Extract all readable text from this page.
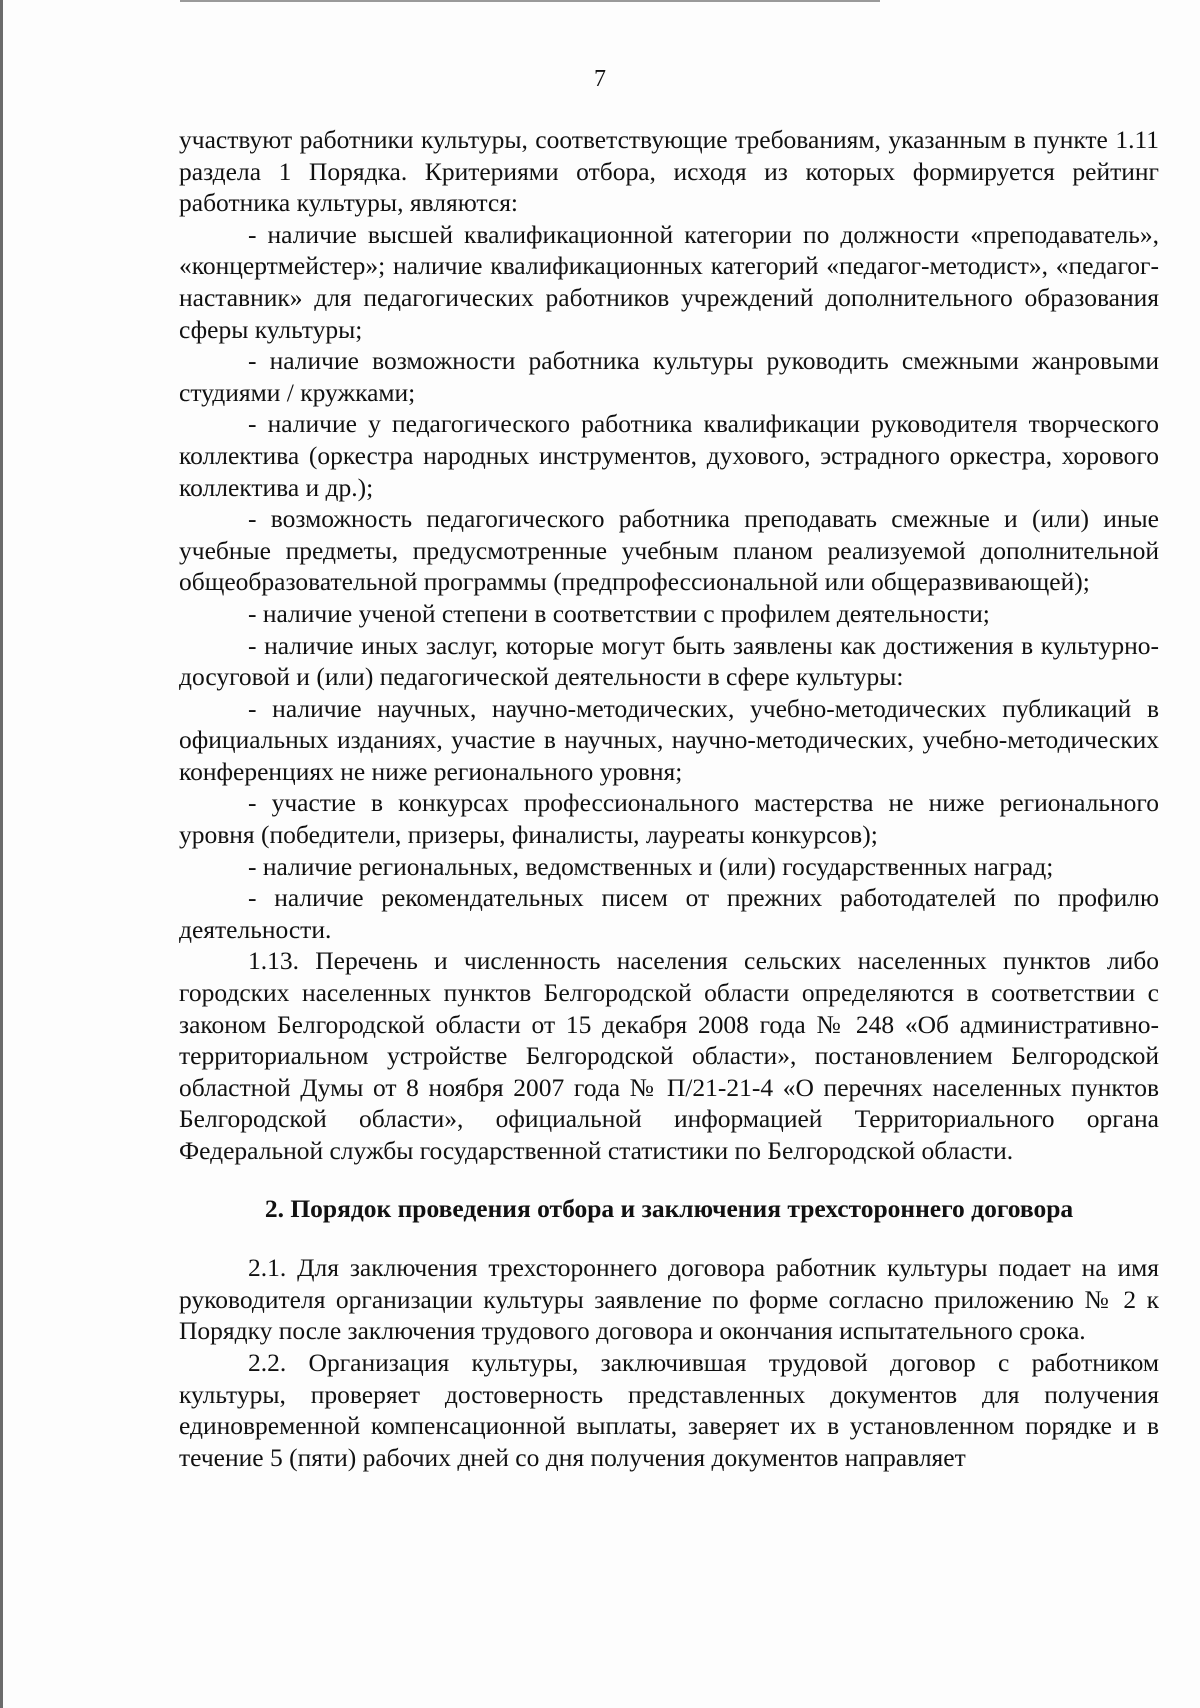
7

участвуют работники культуры, соответствующие требованиям, указанным в пункте 1.11 раздела 1 Порядка. Критериями отбора, исходя из которых формируется рейтинг работника культуры, являются:

- наличие высшей квалификационной категории по должности «преподаватель», «концертмейстер»; наличие квалификационных категорий «педагог-методист», «педагог-наставник» для педагогических работников учреждений дополнительного образования сферы культуры;

- наличие возможности работника культуры руководить смежными жанровыми студиями / кружками;

- наличие у педагогического работника квалификации руководителя творческого коллектива (оркестра народных инструментов, духового, эстрадного оркестра, хорового коллектива и др.);

- возможность педагогического работника преподавать смежные и (или) иные учебные предметы, предусмотренные учебным планом реализуемой дополнительной общеобразовательной программы (предпрофессиональной или общеразвивающей);

- наличие ученой степени в соответствии с профилем деятельности;

- наличие иных заслуг, которые могут быть заявлены как достижения в культурно-досуговой и (или) педагогической деятельности в сфере культуры:

- наличие научных, научно-методических, учебно-методических публикаций в официальных изданиях, участие в научных, научно-методических, учебно-методических конференциях не ниже регионального уровня;

- участие в конкурсах профессионального мастерства не ниже регионального уровня (победители, призеры, финалисты, лауреаты конкурсов);

- наличие региональных, ведомственных и (или) государственных наград;

- наличие рекомендательных писем от прежних работодателей по профилю деятельности.

1.13. Перечень и численность населения сельских населенных пунктов либо городских населенных пунктов Белгородской области определяются в соответствии с законом Белгородской области от 15 декабря 2008 года № 248 «Об административно-территориальном устройстве Белгородской области», постановлением Белгородской областной Думы от 8 ноября 2007 года № П/21-21-4 «О перечнях населенных пунктов Белгородской области», официальной информацией Территориального органа Федеральной службы государственной статистики по Белгородской области.

2. Порядок проведения отбора и заключения трехстороннего договора

2.1. Для заключения трехстороннего договора работник культуры подает на имя руководителя организации культуры заявление по форме согласно приложению № 2 к Порядку после заключения трудового договора и окончания испытательного срока.

2.2. Организация культуры, заключившая трудовой договор с работником культуры, проверяет достоверность представленных документов для получения единовременной компенсационной выплаты, заверяет их в установленном порядке и в течение 5 (пяти) рабочих дней со дня получения документов направляет
